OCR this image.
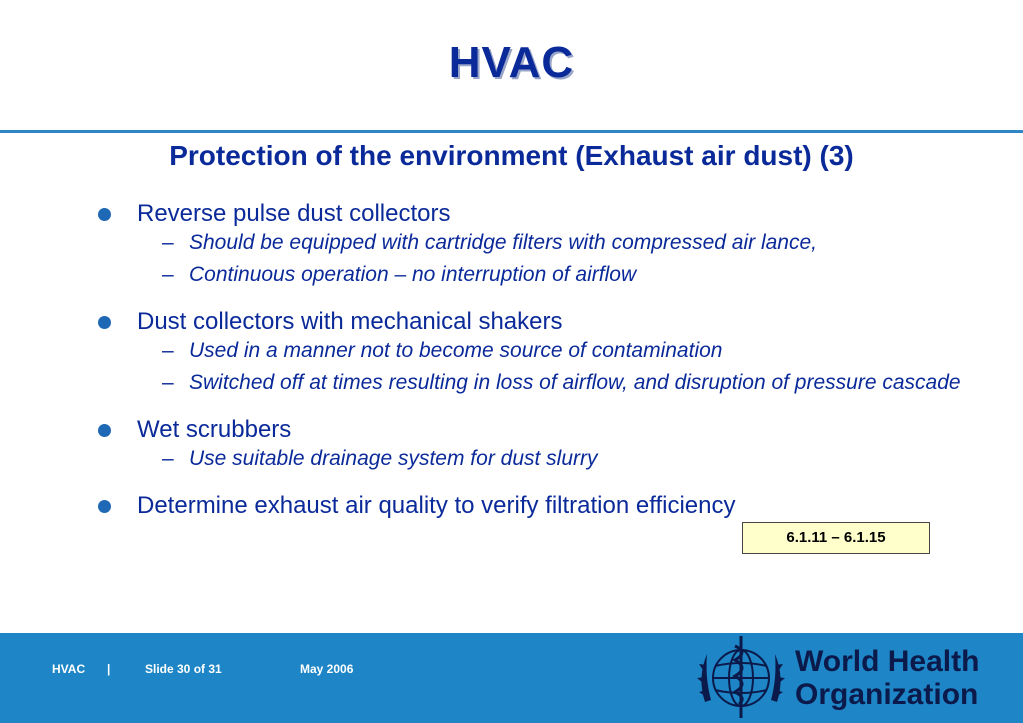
HVAC
Protection of the environment (Exhaust air dust) (3)
Reverse pulse dust collectors
– Should be equipped with cartridge filters with compressed air lance,
– Continuous operation – no interruption of airflow
Dust collectors with mechanical shakers
– Used in a manner not to become source of contamination
– Switched off at times resulting in loss of airflow, and disruption of pressure cascade
Wet scrubbers
– Use suitable drainage system for dust slurry
Determine exhaust air quality to verify filtration efficiency
6.1.11 – 6.1.15
HVAC |	Slide 30 of 31	May 2006	World Health
Organization
